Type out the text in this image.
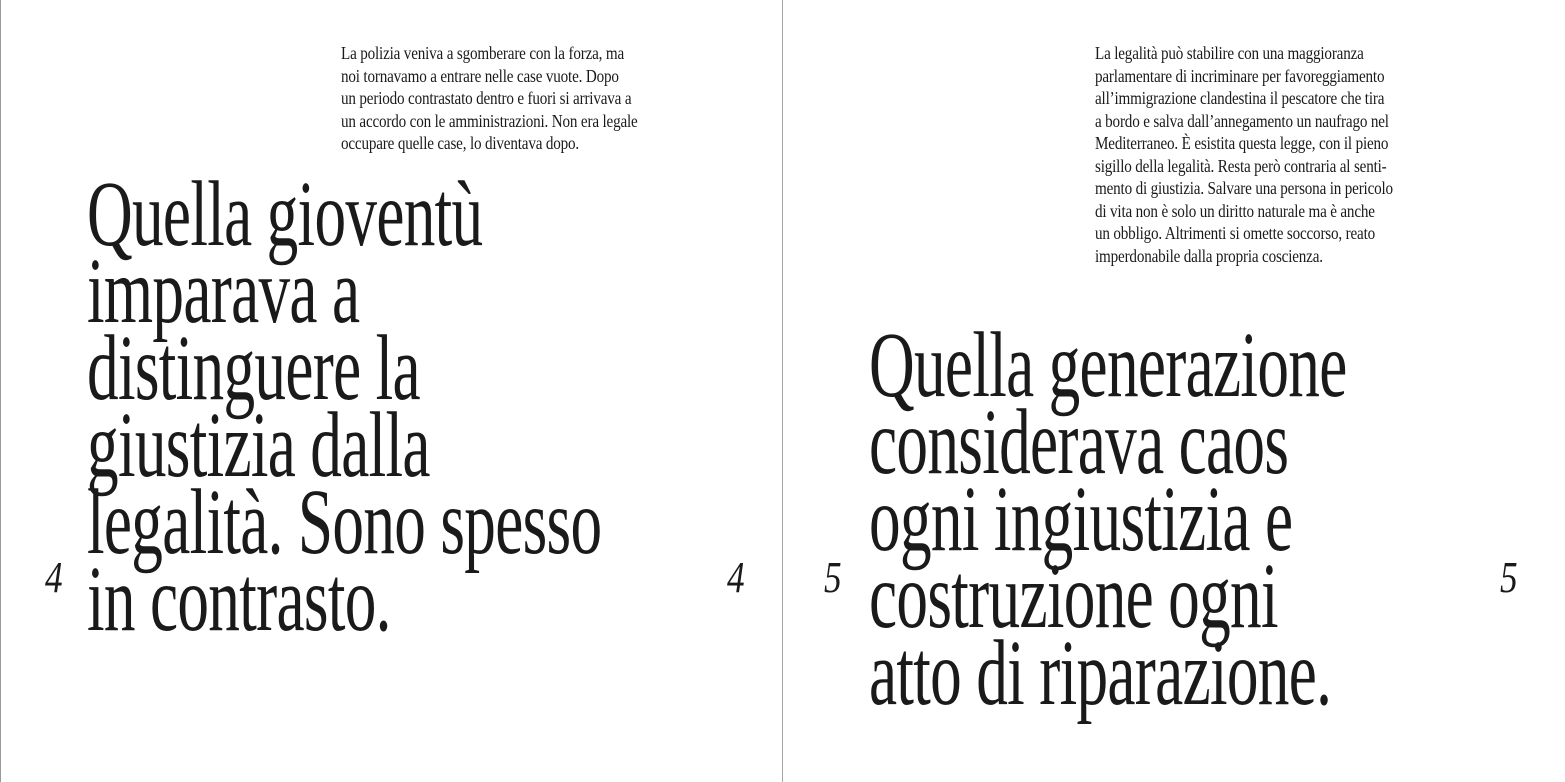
La polizia veniva a sgomberare con la forza, ma
noi tornavamo a entrare nelle case vuote. Dopo
un periodo contrastato dentro e fuori si arrivava a
un accordo con le amministrazioni. Non era legale
occupare quelle case, lo diventava dopo.
Quella gioventù
imparava a
distinguere la
giustizia dalla
legalità. Sono spesso
in contrasto.
4	4
La legalità può stabilire con una maggioranza
parlamentare di incriminare per favoreggiamento
all’immigrazione clandestina il pescatore che tira
a bordo e salva dall’annegamento un naufrago nel
Mediterraneo. È esistita questa legge, con il pieno
sigillo della legalità. Resta però contraria al senti-
mento di giustizia. Salvare una persona in pericolo
di vita non è solo un diritto naturale ma è anche
un obbligo. Altrimenti si omette soccorso, reato
imperdonabile dalla propria coscienza.
Quella generazione
considerava caos
ogni ingiustizia e
costruzione ogni
atto di riparazione.
5	5
